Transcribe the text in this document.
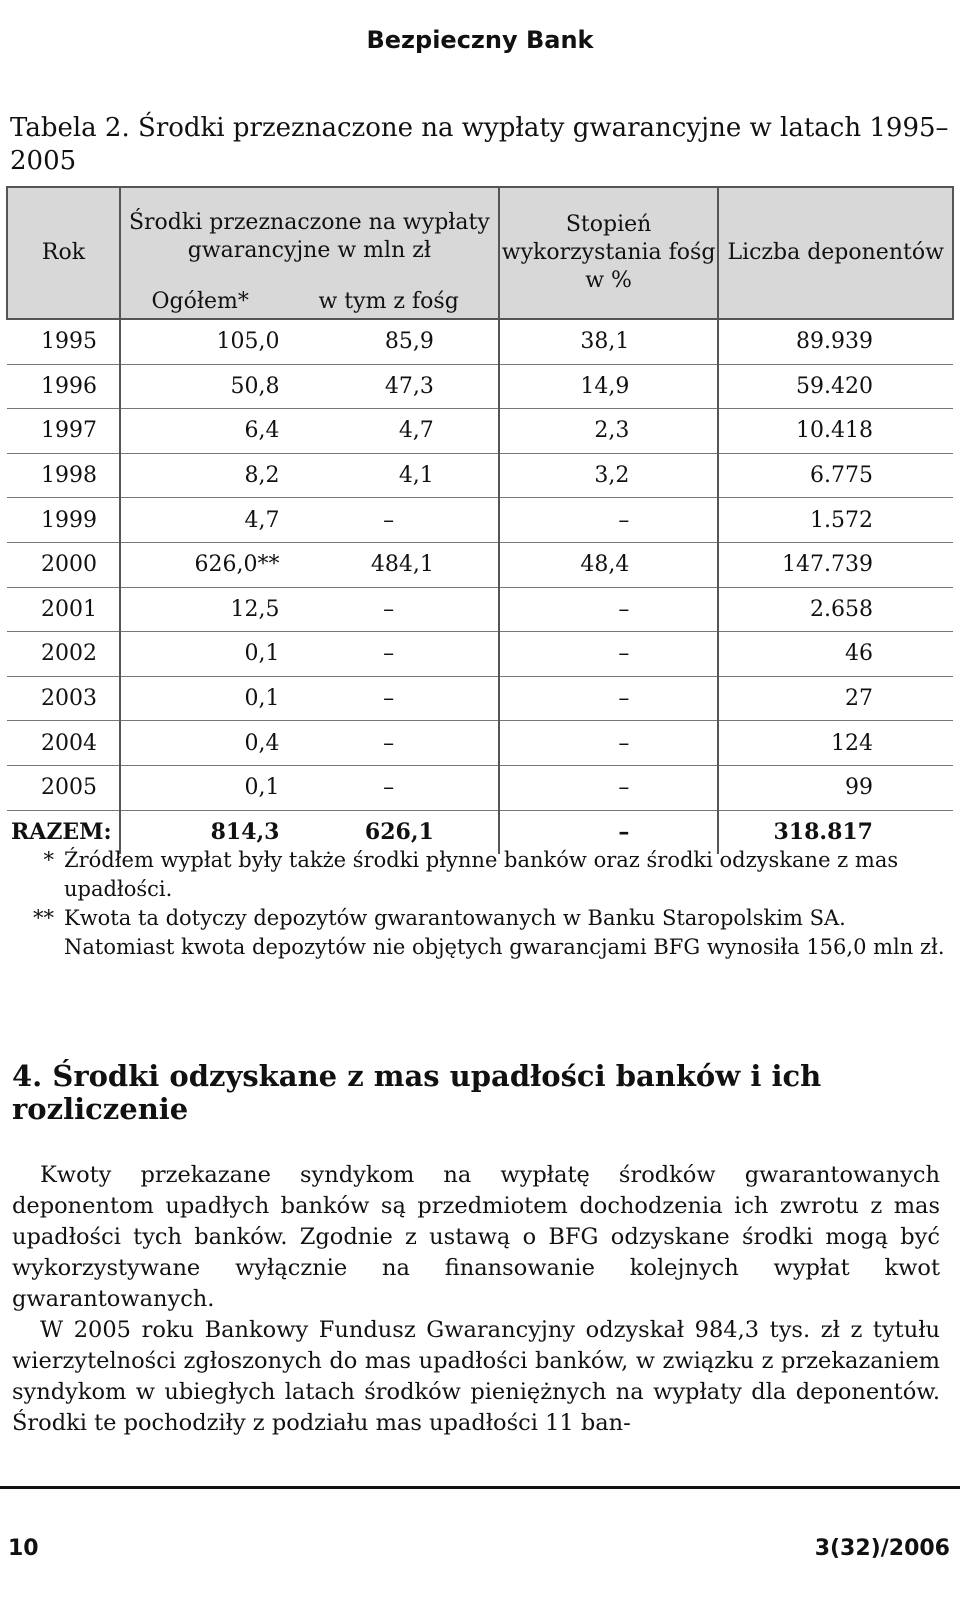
Bezpieczny Bank
Tabela 2. Środki przeznaczone na wypłaty gwarancyjne w latach 1995–2005
Rok	Środki przeznaczone na wypłaty gwarancyjne w mln zł		Stopień wykorzystania fośg w %	Liczba deponentów
	Ogółem*	w tym z fośg		
1995	105,0	85,9	38,1	89.939
1996	50,8	47,3	14,9	59.420
1997	6,4	4,7	2,3	10.418
1998	8,2	4,1	3,2	6.775
1999	4,7	–	–	1.572
2000	626,0**	484,1	48,4	147.739
2001	12,5	–	–	2.658
2002	0,1	–	–	46
2003	0,1	–	–	27
2004	0,4	–	–	124
2005	0,1	–	–	99
RAZEM:	814,3	626,1	–	318.817
* Źródłem wypłat były także środki płynne banków oraz środki odzyskane z mas upadłości.
** Kwota ta dotyczy depozytów gwarantowanych w Banku Staropolskim SA. Natomiast kwota depozytów nie objętych gwarancjami BFG wynosiła 156,0 mln zł.
4. Środki odzyskane z mas upadłości banków i ich rozliczenie

Kwoty przekazane syndykom na wypłatę środków gwarantowanych deponentom upadłych banków są przedmiotem dochodzenia ich zwrotu z mas upadłości tych banków. Zgodnie z ustawą o BFG odzyskane środki mogą być wykorzystywane wyłącznie na finansowanie kolejnych wypłat kwot gwarantowanych.

W 2005 roku Bankowy Fundusz Gwarancyjny odzyskał 984,3 tys. zł z tytułu wierzytelności zgłoszonych do mas upadłości banków, w związku z przekazaniem syndykom w ubiegłych latach środków pieniężnych na wypłaty dla deponentów. Środki te pochodziły z podziału mas upadłości 11 ban-

10	3(32)/2006
